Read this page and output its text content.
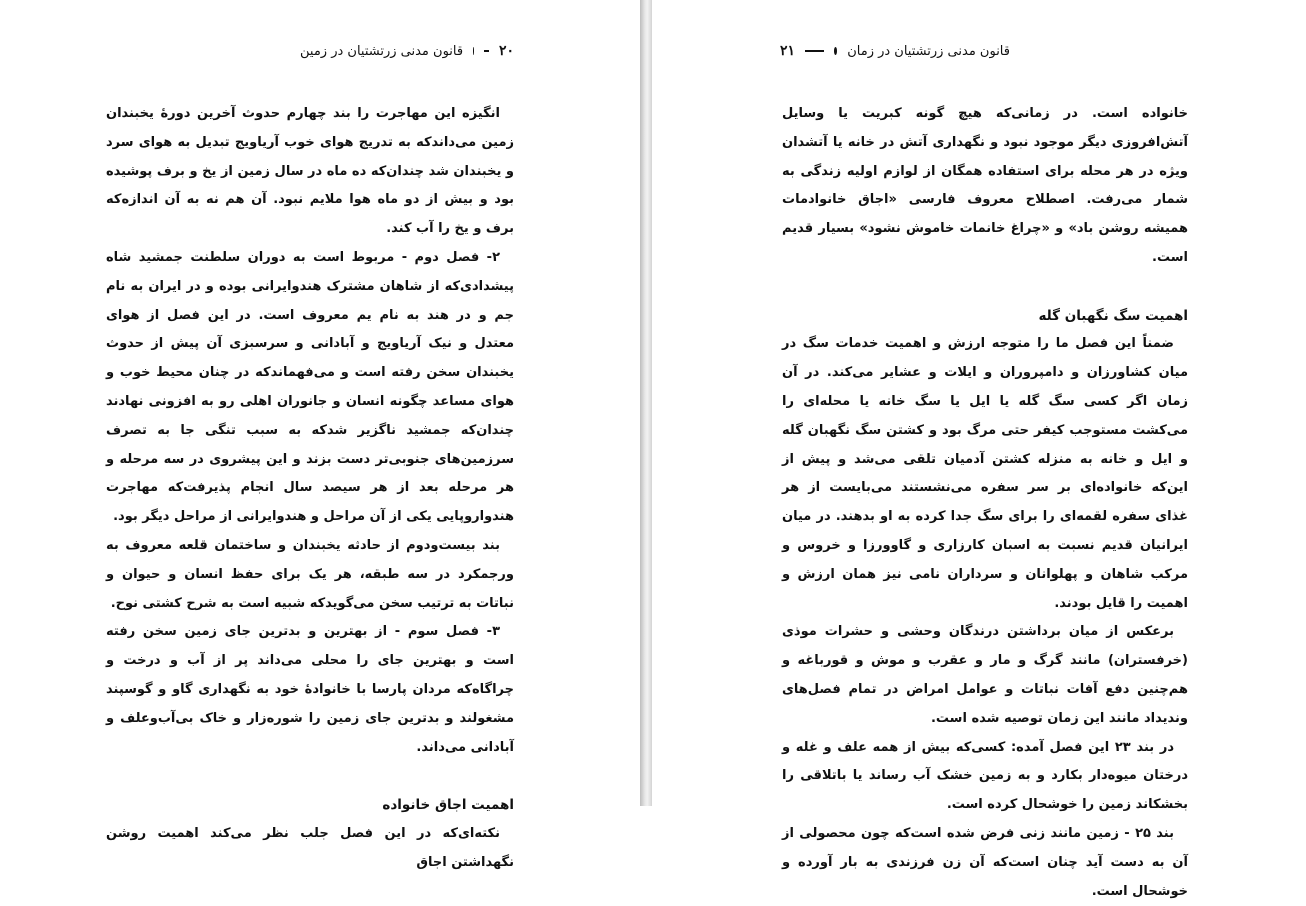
۲۰
قانون مدنی زرتشتیان در زمین

انگیزه این مهاجرت را بند چهارم حدوث آخرین دورهٔ یخبندان زمین می‌داندکه به تدریج هوای خوب آریاویج تبدیل به هوای سرد و یخبندان شد چندان‌که ده ماه در سال زمین از یخ و برف پوشیده بود و بیش از دو ماه هوا ملایم نبود. آن هم نه به آن اندازه‌که برف و یخ را آب کند.

۲- فصل دوم - مربوط است به دوران سلطنت جمشید شاه پیشدادی‌که از شاهان مشترک هندوایرانی بوده و در ایران به نام جم و در هند به نام یم معروف است. در این فصل از هوای معتدل و نیک آریاویج و آبادانی و سرسبزی آن پیش از حدوث یخبندان سخن رفته است و می‌فهماندکه در چنان محیط خوب و هوای مساعد چگونه انسان و جانوران اهلی رو به افزونی نهادند چندان‌که جمشید ناگزیر شدکه به سبب تنگی جا به تصرف سرزمین‌های جنوبی‌تر دست بزند و این پیشروی در سه مرحله و هر مرحله بعد از هر سیصد سال انجام پذیرفت‌که مهاجرت هندواروپایی یکی از آن مراحل و هندوایرانی از مراحل دیگر بود.

بند بیست‌ودوم از حادثه یخبندان و ساختمان قلعه معروف به ورجمکرد در سه طبقه، هر یک برای حفظ انسان و حیوان و نباتات به ترتیب سخن می‌گویدکه شبیه است به شرح کشتی نوح.

۳- فصل سوم - از بهترین و بدترین جای زمین سخن رفته است و بهترین جای را محلی می‌داند پر از آب و درخت و چراگاه‌که مردان پارسا با خانوادهٔ خود به نگهداری گاو و گوسپند مشغولند و بدترین جای زمین را شوره‌زار و خاک بی‌آب‌وعلف و آبادانی می‌داند.

اهمیت اجاق خانواده

نکته‌ای‌که در این فصل جلب نظر می‌کند اهمیت روشن نگهداشتن اجاق

۲۱	قانون مدنی زرتشتیان در زمان

خانواده است. در زمانی‌که هیچ گونه کبریت یا وسایل آتش‌افروزی دیگر موجود نبود و نگهداری آتش در خانه یا آتشدان ویژه در هر محله برای استفاده همگان از لوازم اولیه زندگی به شمار می‌رفت. اصطلاح معروف فارسی «اجاق خانوادمات همیشه روشن باد» و «چراغ خانمات خاموش نشود» بسیار قدیم است.

اهمیت سگ نگهبان گله

ضمناً این فصل ما را متوجه ارزش و اهمیت خدمات سگ در میان کشاورزان و دامپروران و ایلات و عشایر می‌کند. در آن زمان اگر کسی سگ گله یا ایل یا سگ خانه یا محله‌ای را می‌کشت مستوجب کیفر حتی مرگ بود و کشتن سگ نگهبان گله و ایل و خانه به منزله کشتن آدمیان تلقی می‌شد و پیش از این‌که خانواده‌ای بر سر سفره می‌نشستند می‌بایست از هر غذای سفره لقمه‌ای را برای سگ جدا کرده به او بدهند. در میان ایرانیان قدیم نسبت به اسبان کارزاری و گاوورزا و خروس و مرکب شاهان و پهلوانان و سرداران نامی نیز همان ارزش و اهمیت را قایل بودند.

برعکس از میان برداشتن درندگان وحشی و حشرات موذی (خرفستران) مانند گرگ و مار و عقرب و موش و قورباغه و هم‌چنین دفع آفات نباتات و عوامل امراض در تمام فصل‌های وندیداد مانند این زمان توصیه شده است.

در بند ۲۳ این فصل آمده: کسی‌که بیش از همه علف و غله و درختان میوه‌دار بکارد و به زمین خشک آب رساند یا باتلاقی را بخشکاند زمین را خوشحال کرده است.

بند ۲۵ - زمین مانند زنی فرض شده است‌که چون محصولی از آن به دست آید چنان است‌که آن زن فرزندی به بار آورده و خوشحال است.
